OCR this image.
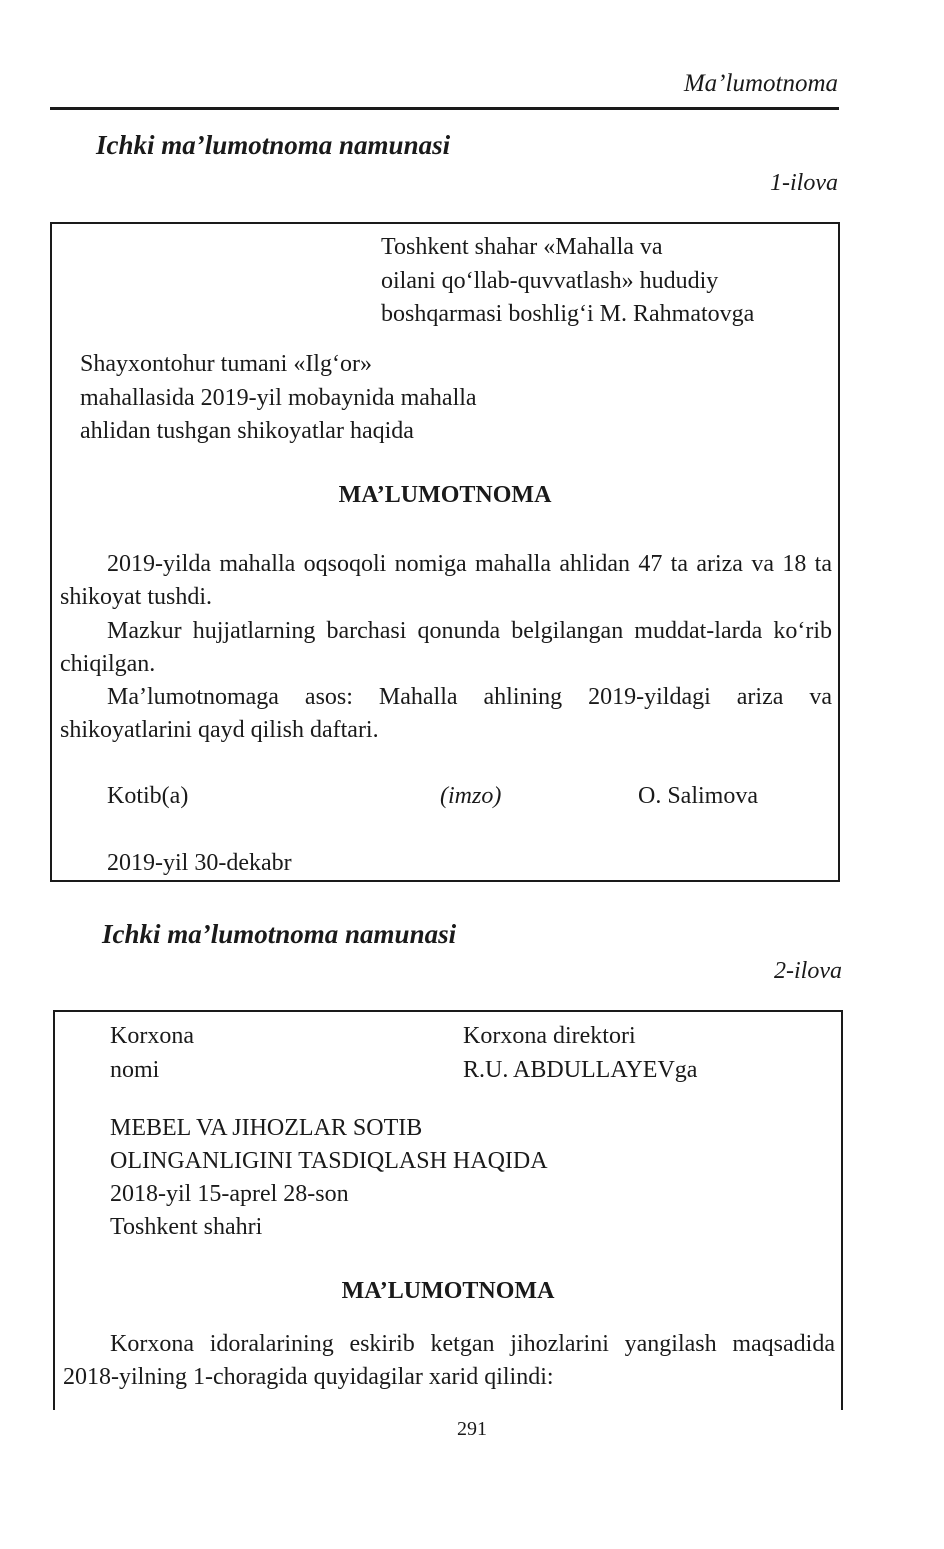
Ma’lumotnoma
Ichki ma’lumotnoma namunasi
1-ilova
Toshkent shahar «Mahalla va
oilani qo‘llab-quvvatlash» hududiy
boshqarmasi boshlig‘i M. Rahmatovga
Shayxontohur tumani «Ilg‘or»
mahallasida 2019-yil mobaynida mahalla
ahlidan tushgan shikoyatlar haqida
MA’LUMOTNOMA
2019-yilda mahalla oqsoqoli nomiga mahalla ahlidan 47 ta ariza va 18 ta shikoyat tushdi.
Mazkur hujjatlarning barchasi qonunda belgilangan muddat-larda ko‘rib chiqilgan.
Ma’lumotnomaga asos: Mahalla ahlining 2019-yildagi ariza va shikoyatlarini qayd qilish daftari.
Kotib(a)	(imzo)	O. Salimova
2019-yil 30-dekabr
Ichki ma’lumotnoma namunasi
2-ilova
Korxona
nomi
Korxona direktori
R.U. ABDULLAYEVga
MEBEL VA JIHOZLAR SOTIB
OLINGANLIGINI TASDIQLASH HAQIDA
2018-yil 15-aprel 28-son
Toshkent shahri
MA’LUMOTNOMA
Korxona idoralarining eskirib ketgan jihozlarini yangilash maqsadida 2018-yilning 1-choragida quyidagilar xarid qilindi:
291
